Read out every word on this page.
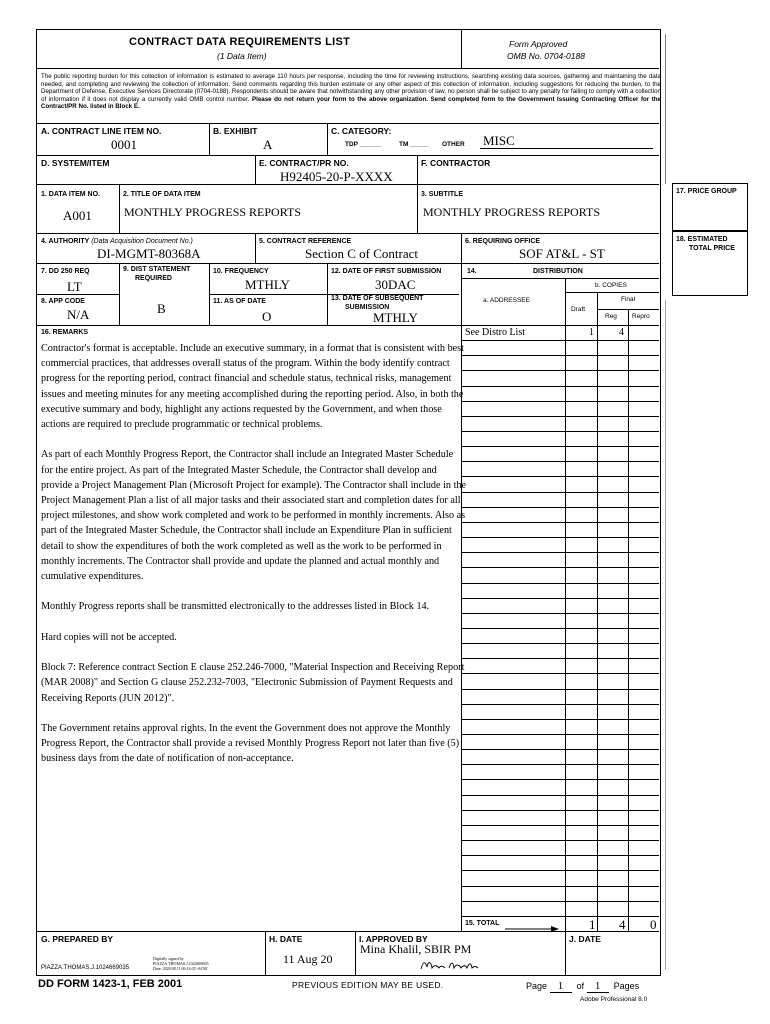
CONTRACT DATA REQUIREMENTS LIST
(1 Data Item)
Form Approved
OMB No. 0704-0188
The public reporting burden for this collection of information is estimated to average 110 hours per response, including the time for reviewing instructions, searching existing data sources, gathering and maintaining the data needed, and completing and reviewing the collection of information. Send comments regarding this burden estimate or any other aspect of this collection of information, including suggestions for reducing the burden, to the Department of Defense, Executive Services Directorate (0704-0188). Respondents should be aware that notwithstanding any other provision of law, no person shall be subject to any penalty for failing to comply with a collection of information if it does not display a currently valid OMB control number. Please do not return your form to the above organization. Send completed form to the Government Issuing Contracting Officer for the Contract/PR No. listed in Block E.
A. CONTRACT LINE ITEM NO.
0001
B. EXHIBIT
A
C. CATEGORY:
TDP ______	TM _____ OTHER MISC
D. SYSTEM/ITEM	E. CONTRACT/PR NO.
H92405-20-P-XXXX
F. CONTRACTOR
1. DATA ITEM NO.
A001
2. TITLE OF DATA ITEM
MONTHLY PROGRESS REPORTS
3. SUBTITLE
MONTHLY PROGRESS REPORTS
4. AUTHORITY (Data Acquisition Document No.)
DI-MGMT-80368A
5. CONTRACT REFERENCE
Section C of Contract
6. REQUIRING OFFICE
SOF AT&L - ST
7. DD 250 REQ
LT
8. APP CODE
N/A
9. DIST STATEMENT
REQUIRED
B
10. FREQUENCY
MTHLY
11. AS OF DATE
O
12. DATE OF FIRST SUBMISSION
30DAC
13. DATE OF SUBSEQUENT
SUBMISSION
MTHLY
14.	DISTRIBUTION
a. ADDRESSEE
b. COPIES
Draft
Final
Reg Repro
16. REMARKS

Contractor's format is acceptable. Include an executive summary, in a format that is consistent with best commercial practices, that addresses overall status of the program. Within the body identify contract progress for the reporting period, contract financial and schedule status, technical risks, management issues and meeting minutes for any meeting accomplished during the reporting period. Also, in both the executive summary and body, highlight any actions requested by the Government, and when those actions are required to preclude programmatic or technical problems.

As part of each Monthly Progress Report, the Contractor shall include an Integrated Master Schedule for the entire project. As part of the Integrated Master Schedule, the Contractor shall develop and provide a Project Management Plan (Microsoft Project for example). The Contractor shall include in the Project Management Plan a list of all major tasks and their associated start and completion dates for all project milestones, and show work completed and work to be performed in monthly increments. Also as part of the Integrated Master Schedule, the Contractor shall include an Expenditure Plan in sufficient detail to show the expenditures of both the work completed as well as the work to be performed in monthly increments. The Contractor shall provide and update the planned and actual monthly and cumulative expenditures.

Monthly Progress reports shall be transmitted electronically to the addresses listed in Block 14.

Hard copies will not be accepted.

Block 7: Reference contract Section E clause 252.246-7000, "Material Inspection and Receiving Report (MAR 2008)" and Section G clause 252.232-7003, "Electronic Submission of Payment Requests and Receiving Reports (JUN 2012)".

The Government retains approval rights. In the event the Government does not approve the Monthly Progress Report, the Contractor shall provide a revised Monthly Progress Report not later than five (5) business days from the date of notification of non-acceptance.

See Distro List	1	4
15. TOTAL	1 4 0
G. PREPARED BY
PIAZZA.THOMAS.J.1024669035
Digitally signed by
PIAZZA.THOMAS.J.1024669035
Date: 2020.08.11 06:16:35 -04'00'
H. DATE
11 Aug 20
I. APPROVED BY
Mina Khalil, SBIR PM
J. DATE
17. PRICE GROUP
18. ESTIMATED
TOTAL PRICE
DD FORM 1423-1, FEB 2001	PREVIOUS EDITION MAY BE USED.	Page 1 of 1 Pages
Adobe Professional 8.0
